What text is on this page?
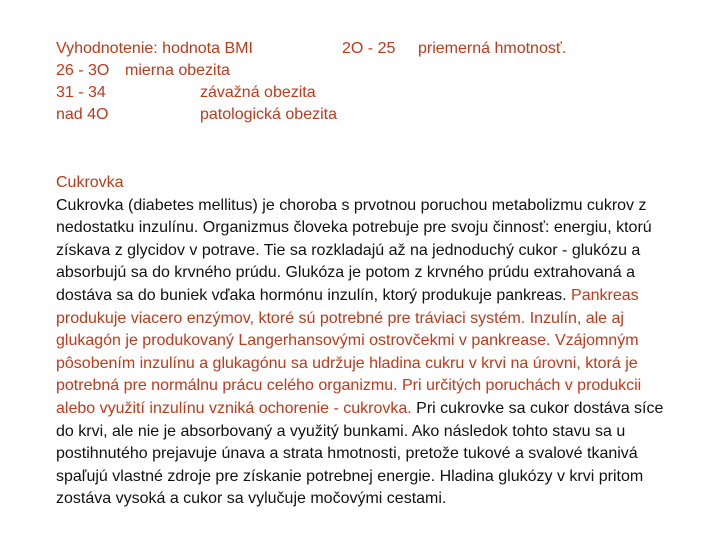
Vyhodnotenie: hodnota BMI	2O - 25 priemerná hmotnosť.
26 - 3O mierna obezita
31 - 34	závažná obezita
nad 4O	patologická obezita
Cukrovka
Cukrovka (diabetes mellitus) je choroba s prvotnou poruchou metabolizmu cukrov z nedostatku inzulínu. Organizmus človeka potrebuje pre svoju činnosť: energiu, ktorú získava z glycidov v potrave. Tie sa rozkladajú až na jednoduchý cukor - glukózu a absorbujú sa do krvného prúdu. Glukóza je potom z krvného prúdu extrahovaná a dostáva sa do buniek vďaka hormónu inzulín, ktorý produkuje pankreas. Pankreas produkuje viacero enzýmov, ktoré sú potrebné pre tráviaci systém. Inzulín, ale aj glukagón je produkovaný Langerhansovými ostrovčekmi v pankrease. Vzájomným pôsobením inzulínu a glukagónu sa udržuje hladina cukru v krvi na úrovni, ktorá je potrebná pre normálnu prácu celého organizmu. Pri určitých poruchách v produkcii alebo využití inzulínu vzniká ochorenie - cukrovka. Pri cukrovke sa cukor dostáva síce do krvi, ale nie je absorbovaný a využitý bunkami. Ako následok tohto stavu sa u postihnutého prejavuje únava a strata hmotnosti, pretože tukové a svalové tkanivá spaľujú vlastné zdroje pre získanie potrebnej energie. Hladina glukózy v krvi pritom zostáva vysoká a cukor sa vylučuje močovými cestami.
